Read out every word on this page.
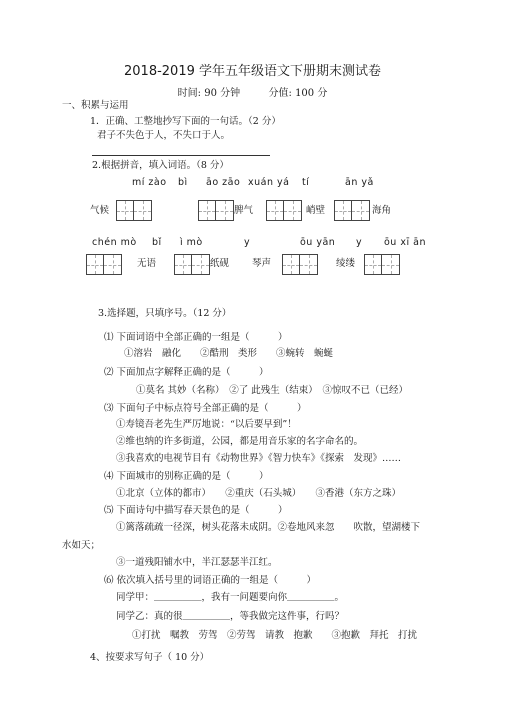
2018-2019 学年五年级语文下册期末测试卷
时间: 90 分钟	分值: 100 分
一、积累与运用
1．正确、工整地抄写下面的一句话。（2 分）
君子不失色于人，不失口于人。
2.根据拼音，填入词语。（8 分）
mí zào bì āo zāo xuán yá tí	ān yǎ
气候	脾气	峭壁	海角
chén mò bǐ ì mò	y	ōu yān y ōu xī ān
无语	纸砚 琴声	绫缕
3.选择题，只填序号。（12 分）
⑴ 下面词语中全部正确的一组是（　　　）
①溶岩　融化　　②酷刑　类形　　③蜿转　蜿蜒
⑵ 下面加点字解释正确的是（　　　）
①莫名 其妙（名称）　②了 此残生（结束）　③惊叹不已（已经）
⑶ 下面句子中标点符号全部正确的是（　　　）
①寿镜吾老先生严厉地说：“以后要早到”！
②维也纳的许多街道，公园，都是用音乐家的名字命名的。
③我喜欢的电视节目有《动物世界》《智力快车》《探索　发现》……
⑷ 下面城市的别称正确的是（　　　）
①北京（立体的都市）　　②重庆（石头城）　　③香港（东方之珠）
⑸ 下面诗句中描写春天景色的是（　　　）
①篱落疏疏一径深，树头花落未成阴。②卷地风来忽　　吹散，望湖楼下
水如天；
③一道残阳铺水中，半江瑟瑟半江红。
⑹ 依次填入括号里的词语正确的一组是（　　　）
同学甲：＿＿＿＿＿，我有一问题要向你＿＿＿＿＿。
同学乙：真的很＿＿＿＿＿，等我做完这件事，行吗？
①打扰　嘱教　劳驾　②劳驾　请教　抱歉　　③抱歉　拜托　打扰
4、按要求写句子（ 10 分）
